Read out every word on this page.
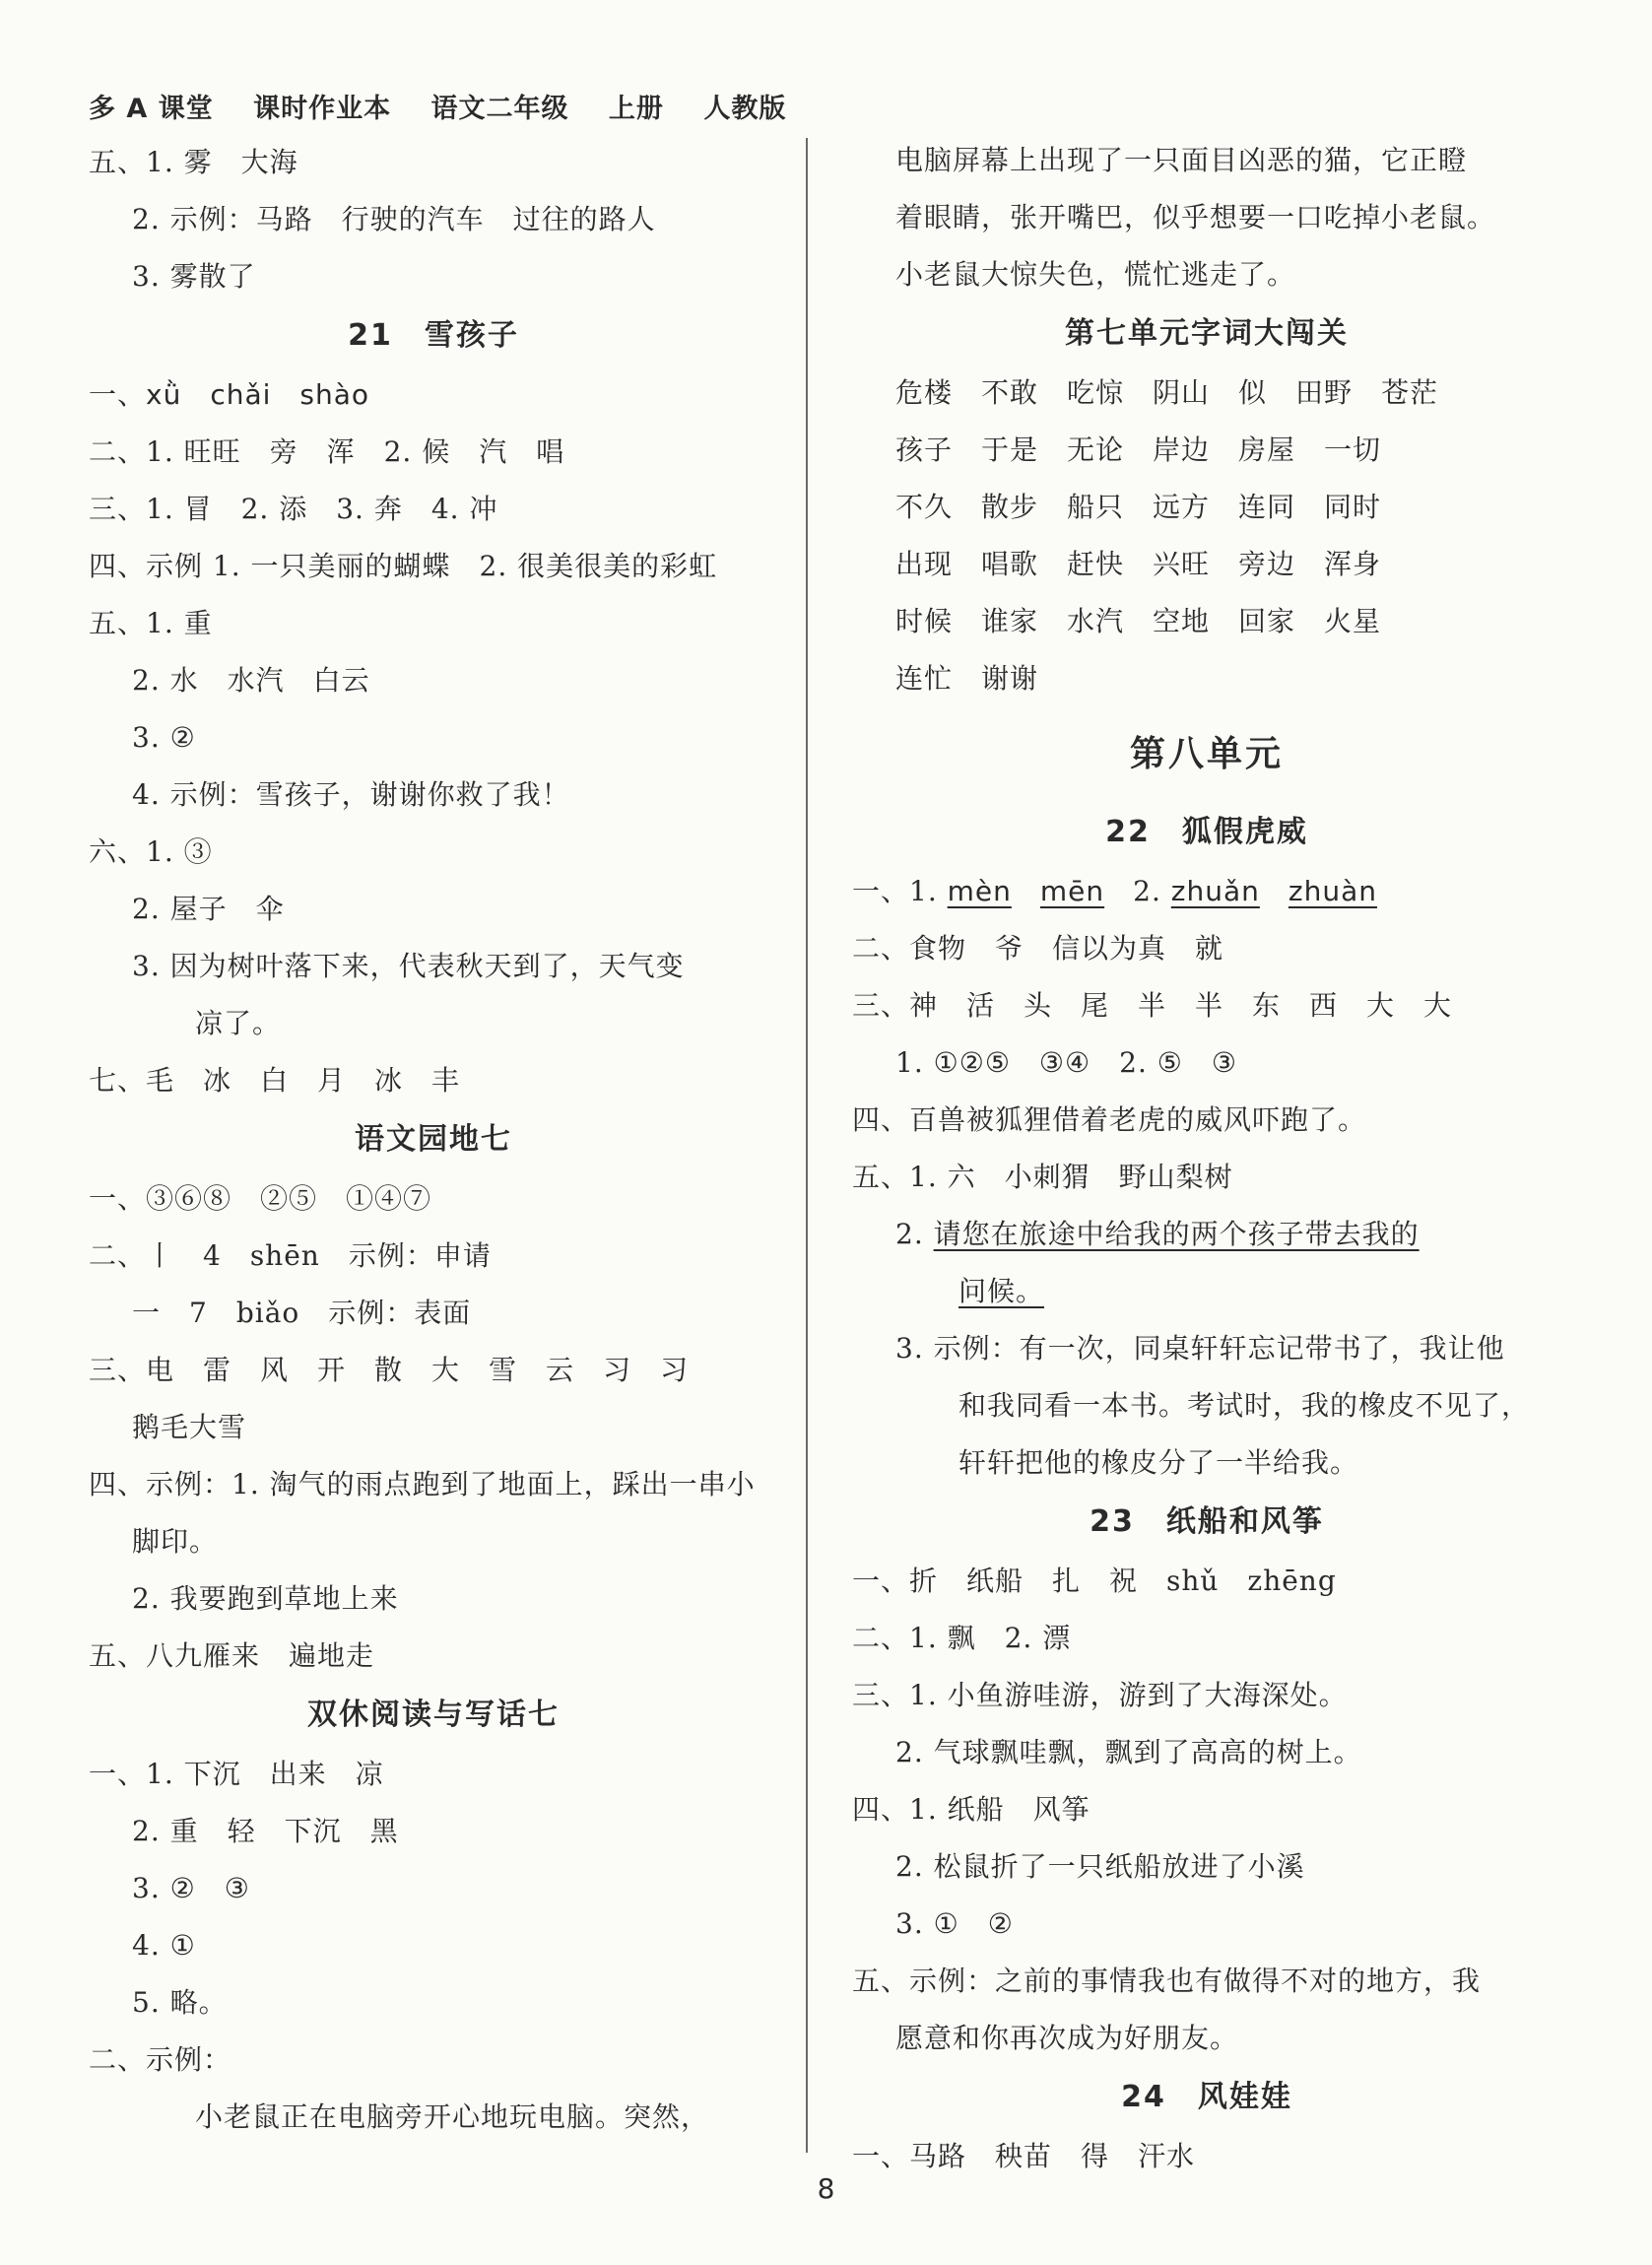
多 A 课堂 课时作业本 语文二年级 上册 人教版
五、1. 雾　大海
2. 示例：马路　行驶的汽车　过往的路人
3. 雾散了
21　雪孩子
一、xǜ　chǎi　shào
二、1. 旺旺　旁　浑　2. 候　汽　唱
三、1. 冒　2. 添　3. 奔　4. 冲
四、示例 1. 一只美丽的蝴蝶　2. 很美很美的彩虹
五、1. 重
2. 水　水汽　白云
3. ②
4. 示例：雪孩子，谢谢你救了我！
六、1. ③
2. 屋子　伞
3. 因为树叶落下来，代表秋天到了，天气变
凉了。
七、毛　冰　白　月　冰　丰
语文园地七
一、③⑥⑧　②⑤　①④⑦
二、丨　4　shēn　示例：申请
一　7　biǎo　示例：表面
三、电　雷　风　开　散　大　雪　云　习　习
鹅毛大雪
四、示例：1. 淘气的雨点跑到了地面上，踩出一串小
脚印。
2. 我要跑到草地上来
五、八九雁来　遍地走
双休阅读与写话七
一、1. 下沉　出来　凉
2. 重　轻　下沉　黑
3. ②　③
4. ①
5. 略。
二、示例：
小老鼠正在电脑旁开心地玩电脑。突然，
电脑屏幕上出现了一只面目凶恶的猫，它正瞪
着眼睛，张开嘴巴，似乎想要一口吃掉小老鼠。
小老鼠大惊失色，慌忙逃走了。
第七单元字词大闯关
危楼　不敢　吃惊　阴山　似　田野　苍茫
孩子　于是　无论　岸边　房屋　一切
不久　散步　船只　远方　连同　同时
出现　唱歌　赶快　兴旺　旁边　浑身
时候　谁家　水汽　空地　回家　火星
连忙　谢谢
第八单元
22　狐假虎威
一、1. mèn　 mēn　2. zhuǎn　 zhuàn
二、食物　爷　信以为真　就
三、神　活　头　尾　半　半　东　西　大　大
1. ①②⑤　③④　2. ⑤　③
四、百兽被狐狸借着老虎的威风吓跑了。
五、1. 六　小刺猬　野山梨树
2. 请您在旅途中给我的两个孩子带去我的
问候。
3. 示例：有一次，同桌轩轩忘记带书了，我让他
和我同看一本书。考试时，我的橡皮不见了，
轩轩把他的橡皮分了一半给我。
23　纸船和风筝
一、折　纸船　扎　祝　shǔ　zhēng
二、1. 飘　2. 漂
三、1. 小鱼游哇游，游到了大海深处。
2. 气球飘哇飘，飘到了高高的树上。
四、1. 纸船　风筝
2. 松鼠折了一只纸船放进了小溪
3. ①　②
五、示例：之前的事情我也有做得不对的地方，我
愿意和你再次成为好朋友。
24　风娃娃
一、马路　秧苗　得　汗水
8
